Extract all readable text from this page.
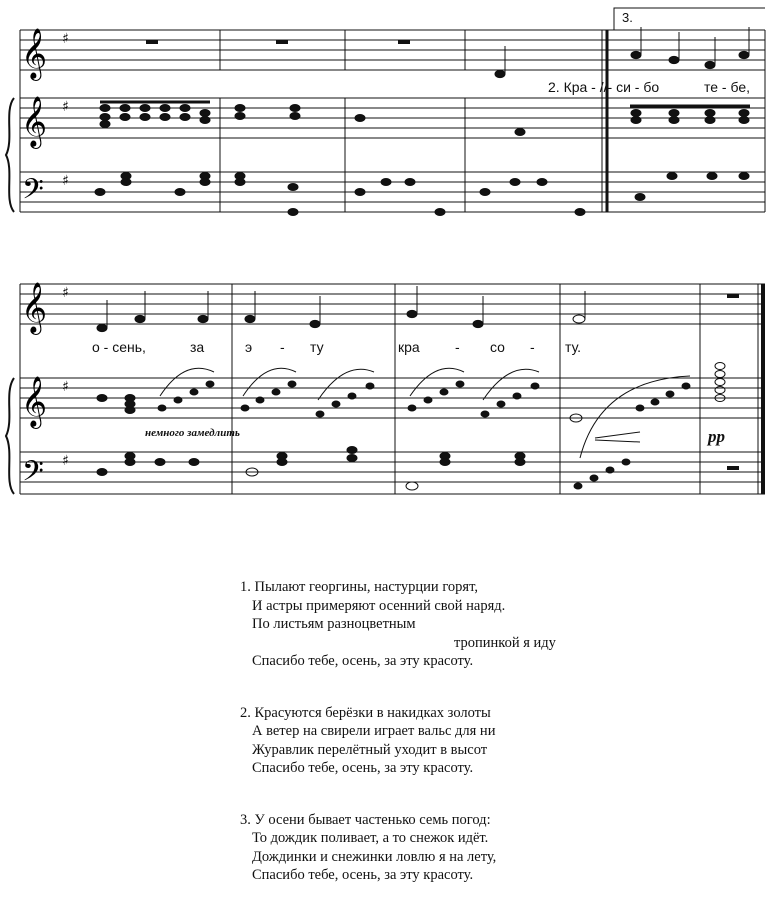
𝄞
𝄞
𝄢
♯
♯
♯
3.
2. Кра - //- си - бо	те - бе,
𝄞
𝄞
𝄢
♯
♯
♯
о - сень,	за	э - ту	кра	- со - ту.
немного замедлить	pp
1. Пылают георгины, настурции горят,
И астры примеряют осенний свой наряд.
По листьям разноцветным
тропинкой я иду
Спасибо тебе, осень, за эту красоту.
2. Красуются берёзки в накидках золоты
А ветер на свирели играет вальс для ни
Журавлик перелётный уходит в высот
Спасибо тебе, осень, за эту красоту.
3. У осени бывает частенько семь погод:
То дождик поливает, а то снежок идёт.
Дождинки и снежинки ловлю я на лету,
Спасибо тебе, осень, за эту красоту.
